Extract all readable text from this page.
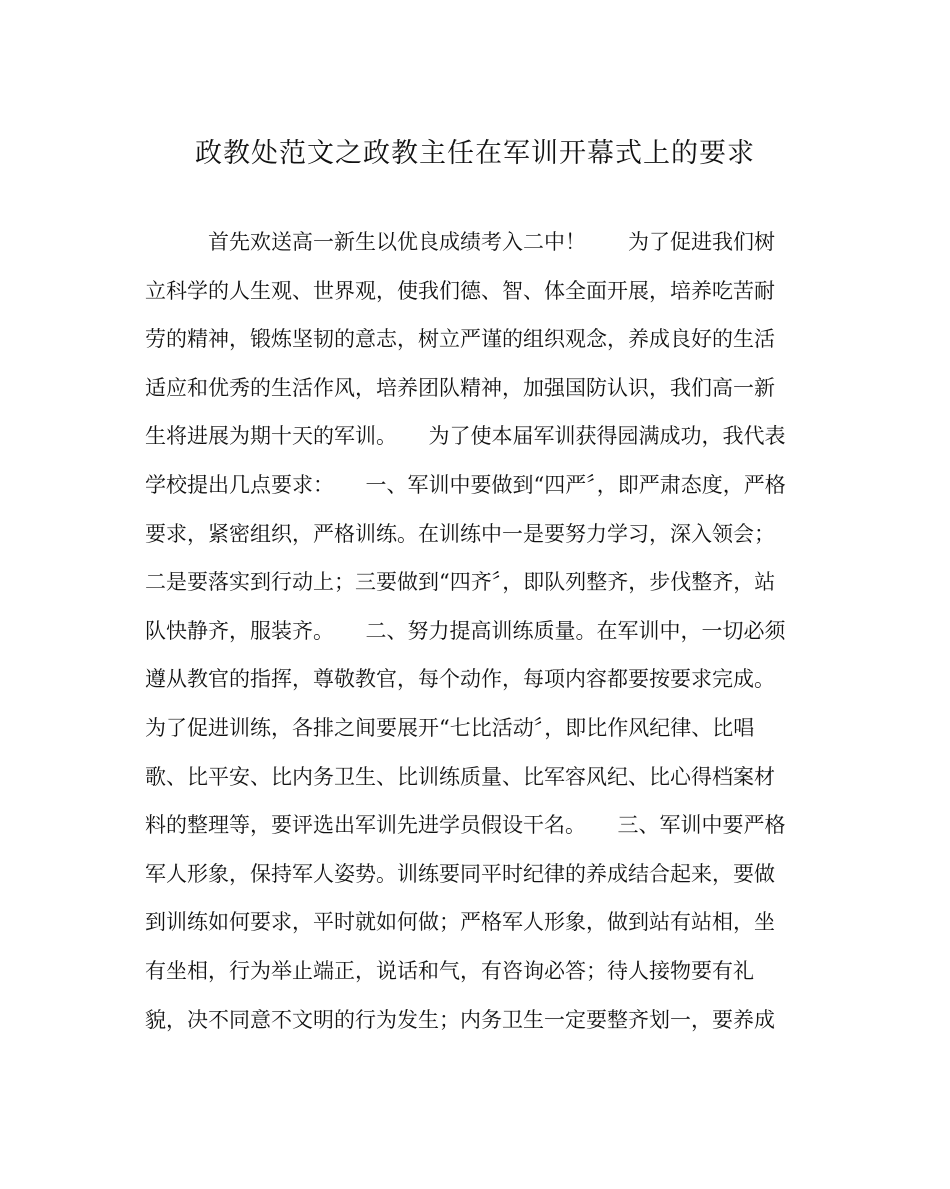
政教处范文之政教主任在军训开幕式上的要求
　　　首先欢送高一新生以优良成绩考入二中！　　为了促进我们树
立科学的人生观、世界观，使我们德、智、体全面开展，培养吃苦耐
劳的精神，锻炼坚韧的意志，树立严谨的组织观念，养成良好的生活
适应和优秀的生活作风，培养团队精神，加强国防认识，我们高一新
生将进展为期十天的军训。　　为了使本届军训获得园满成功，我代表
学校提出几点要求：　　一、军训中要做到“四严〞，即严肃态度，严格
要求，紧密组织，严格训练。在训练中一是要努力学习，深入领会；
二是要落实到行动上；三要做到“四齐〞，即队列整齐，步伐整齐，站
队快静齐，服装齐。　　二、努力提高训练质量。在军训中，一切必须
遵从教官的指挥，尊敬教官，每个动作，每项内容都要按要求完成。
为了促进训练，各排之间要展开“七比活动〞，即比作风纪律、比唱
歌、比平安、比内务卫生、比训练质量、比军容风纪、比心得档案材
料的整理等，要评选出军训先进学员假设干名。　　三、军训中要严格
军人形象，保持军人姿势。训练要同平时纪律的养成结合起来，要做
到训练如何要求，平时就如何做；严格军人形象，做到站有站相，坐
有坐相，行为举止端正，说话和气，有咨询必答；待人接物要有礼
貌，决不同意不文明的行为发生；内务卫生一定要整齐划一，要养成
